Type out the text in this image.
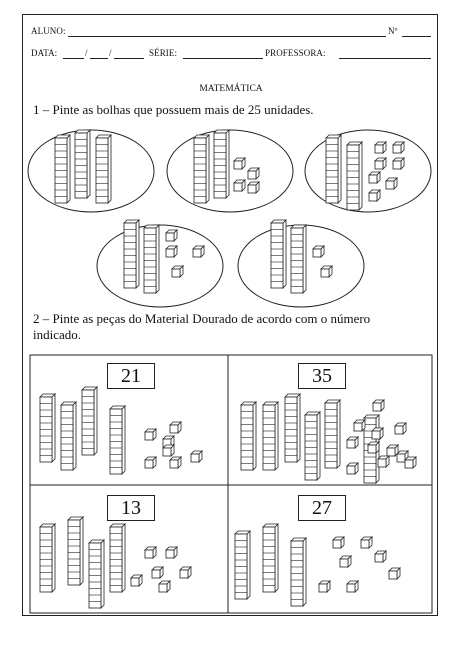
ALUNO:	Nº
DATA:	/ /	SÉRIE:	PROFESSORA:
MATEMÁTICA
1 – Pinte as bolhas que possuem mais de 25 unidades.
2 – Pinte as peças do Material Dourado de acordo com o número
indicado.
21	35
13	27
